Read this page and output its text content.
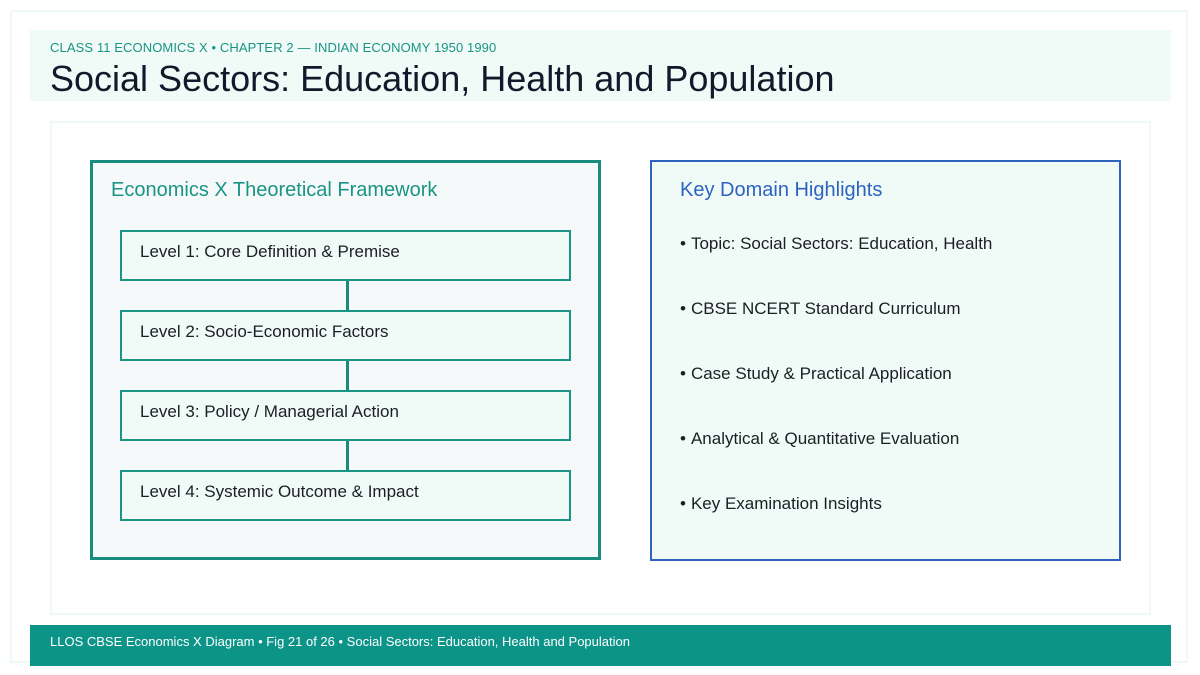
CLASS 11 ECONOMICS X • CHAPTER 2 — INDIAN ECONOMY 1950 1990
Social Sectors: Education, Health and Population
Economics X Theoretical Framework
Level 1: Core Definition & Premise
Level 2: Socio-Economic Factors
Level 3: Policy / Managerial Action
Level 4: Systemic Outcome & Impact
Key Domain Highlights
• Topic: Social Sectors: Education, Health
• CBSE NCERT Standard Curriculum
• Case Study & Practical Application
• Analytical & Quantitative Evaluation
• Key Examination Insights
LLOS CBSE Economics X Diagram • Fig 21 of 26 • Social Sectors: Education, Health and Population
